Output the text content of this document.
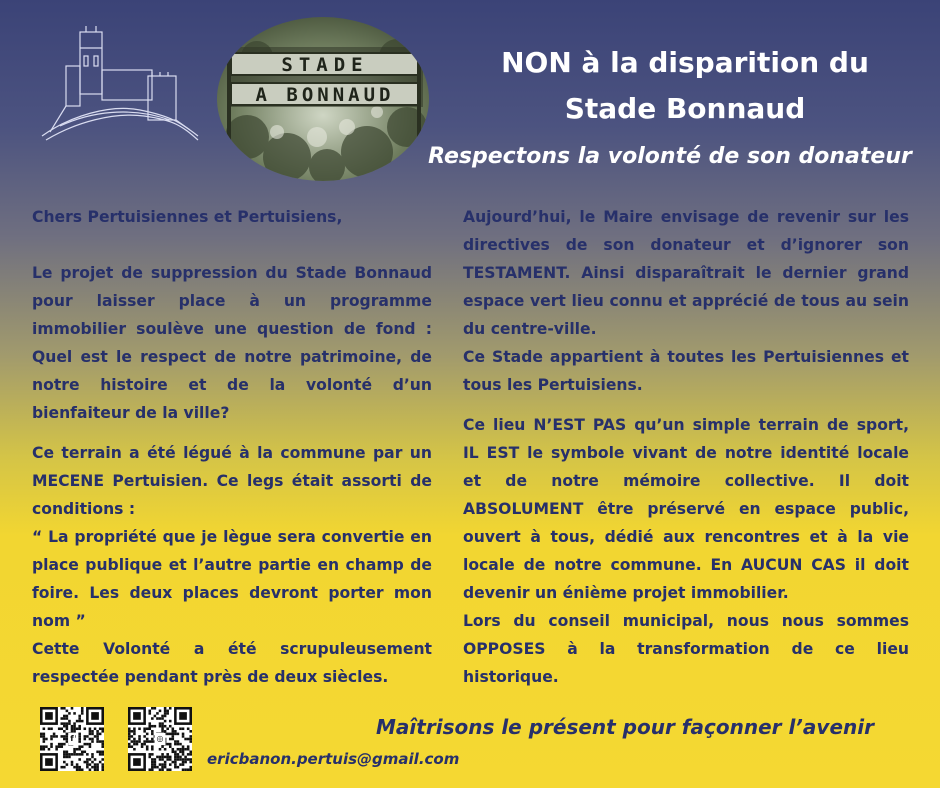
STADE
A BONNAUD
NON à la disparition du
Stade Bonnaud
Respectons la volonté de son donateur

Chers Pertuisiennes et Pertuisiens,

Le projet de suppression du Stade Bonnaud pour laisser place à un programme immobilier soulève une question de fond : Quel est le respect de notre patrimoine, de notre histoire et de la volonté d’un bienfaiteur de la ville?

Ce terrain a été légué à la commune par un MECENE Pertuisien. Ce legs était assorti de conditions :

“ La propriété que je lègue sera convertie en place publique et l’autre partie en champ de foire. Les deux places devront porter mon nom ”

Cette Volonté a été scrupuleusement respectée pendant près de deux siècles.

Aujourd’hui, le Maire envisage de revenir sur les directives de son donateur et d’ignorer son TESTAMENT. Ainsi disparaîtrait le dernier grand espace vert lieu connu et apprécié de tous au sein du centre-ville.

Ce Stade appartient à toutes les Pertuisiennes et tous les Pertuisiens.

Ce lieu N’EST PAS qu’un simple terrain de sport, IL EST le symbole vivant de notre identité locale et de notre mémoire collective. Il doit ABSOLUMENT être préservé en espace public, ouvert à tous, dédié aux rencontres et à la vie locale de notre commune. En AUCUN CAS il doit devenir un énième projet immobilier.

Lors du conseil municipal, nous nous sommes OPPOSES à la transformation de ce lieu historique.

f	◎	Maîtrisons le présent pour façonner l’avenir

ericbanon.pertuis@gmail.com
